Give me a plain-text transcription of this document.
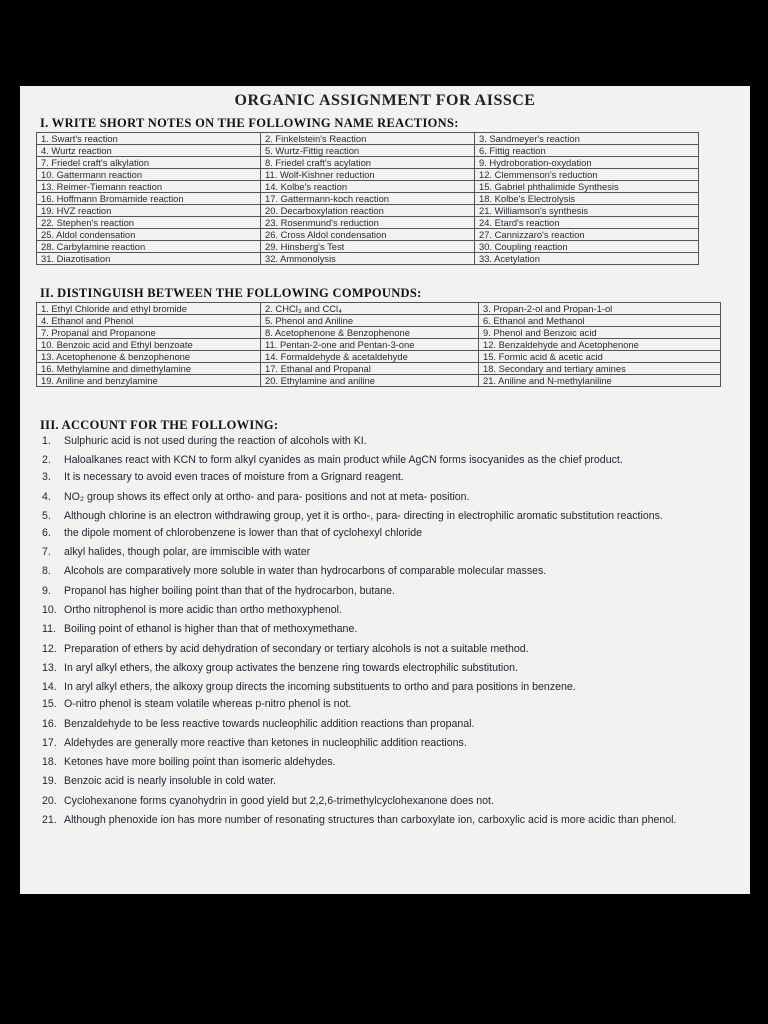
ORGANIC ASSIGNMENT FOR AISSCE
I. WRITE SHORT NOTES ON THE FOLLOWING NAME REACTIONS:
1. Swart's reaction	2. Finkelstein's Reaction	3. Sandmeyer's reaction
4. Wurtz reaction	5. Wurtz-Fittig reaction	6. Fittig reaction
7. Friedel craft's alkylation	8. Friedel craft's acylation	9. Hydroboration-oxydation
10. Gattermann reaction	11. Wolf-Kishner reduction	12. Clemmenson's reduction
13. Reimer-Tiemann reaction	14. Kolbe's reaction	15. Gabriel phthalimide Synthesis
16. Hoffmann Bromamide reaction	17. Gattermann-koch reaction	18. Kolbe's Electrolysis
19. HVZ reaction	20. Decarboxylation reaction	21. Williamson's synthesis
22. Stephen's reaction	23. Rosenmund's reduction	24. Etard's reaction
25. Aldol condensation	26. Cross Aldol condensation	27. Cannizzaro's reaction
28. Carbylamine reaction	29. Hinsberg's Test	30. Coupling reaction
31. Diazotisation	32. Ammonolysis	33. Acetylation
II. DISTINGUISH BETWEEN THE FOLLOWING COMPOUNDS:
1. Ethyl Chloride and ethyl bromide	2. CHCl₃ and CCl₄	3. Propan-2-ol and Propan-1-ol
4. Ethanol and Phenol	5. Phenol and Aniline	6. Ethanol and Methanol
7. Propanal and Propanone	8. Acetophenone & Benzophenone	9. Phenol and Benzoic acid
10. Benzoic acid and Ethyl benzoate	11. Pentan-2-one and Pentan-3-one	12. Benzaldehyde and Acetophenone
13. Acetophenone & benzophenone	14. Formaldehyde & acetaldehyde	15. Formic acid & acetic acid
16. Methylamine and dimethylamine	17. Ethanal and Propanal	18. Secondary and tertiary amines
19. Aniline and benzylamine	20. Ethylamine and aniline	21. Aniline and N-methylaniline
III. ACCOUNT FOR THE FOLLOWING:
1.	Sulphuric acid is not used during the reaction of alcohols with KI.
2.	Haloalkanes react with KCN to form alkyl cyanides as main product while AgCN forms isocyanides as the chief product.
3.	It is necessary to avoid even traces of moisture from a Grignard reagent.
4.	NO₂ group shows its effect only at ortho- and para- positions and not at meta- position.
5.	Although chlorine is an electron withdrawing group, yet it is ortho-, para- directing in electrophilic aromatic substitution reactions.
6.	the dipole moment of chlorobenzene is lower than that of cyclohexyl chloride
7.	alkyl halides, though polar, are immiscible with water
8.	Alcohols are comparatively more soluble in water than hydrocarbons of comparable molecular masses.
9.	Propanol has higher boiling point than that of the hydrocarbon, butane.
10. Ortho nitrophenol is more acidic than ortho methoxyphenol.
11. Boiling point of ethanol is higher than that of methoxymethane.
12. Preparation of ethers by acid dehydration of secondary or tertiary alcohols is not a suitable method.
13. In aryl alkyl ethers, the alkoxy group activates the benzene ring towards electrophilic substitution.
14. In aryl alkyl ethers, the alkoxy group directs the incoming substituents to ortho and para positions in benzene.
15. O-nitro phenol is steam volatile whereas p-nitro phenol is not.
16. Benzaldehyde to be less reactive towards nucleophilic addition reactions than propanal.
17. Aldehydes are generally more reactive than ketones in nucleophilic addition reactions.
18. Ketones have more boiling point than isomeric aldehydes.
19. Benzoic acid is nearly insoluble in cold water.
20. Cyclohexanone forms cyanohydrin in good yield but 2,2,6-trimethylcyclohexanone does not.
21. Although phenoxide ion has more number of resonating structures than carboxylate ion, carboxylic acid is more acidic than phenol.
